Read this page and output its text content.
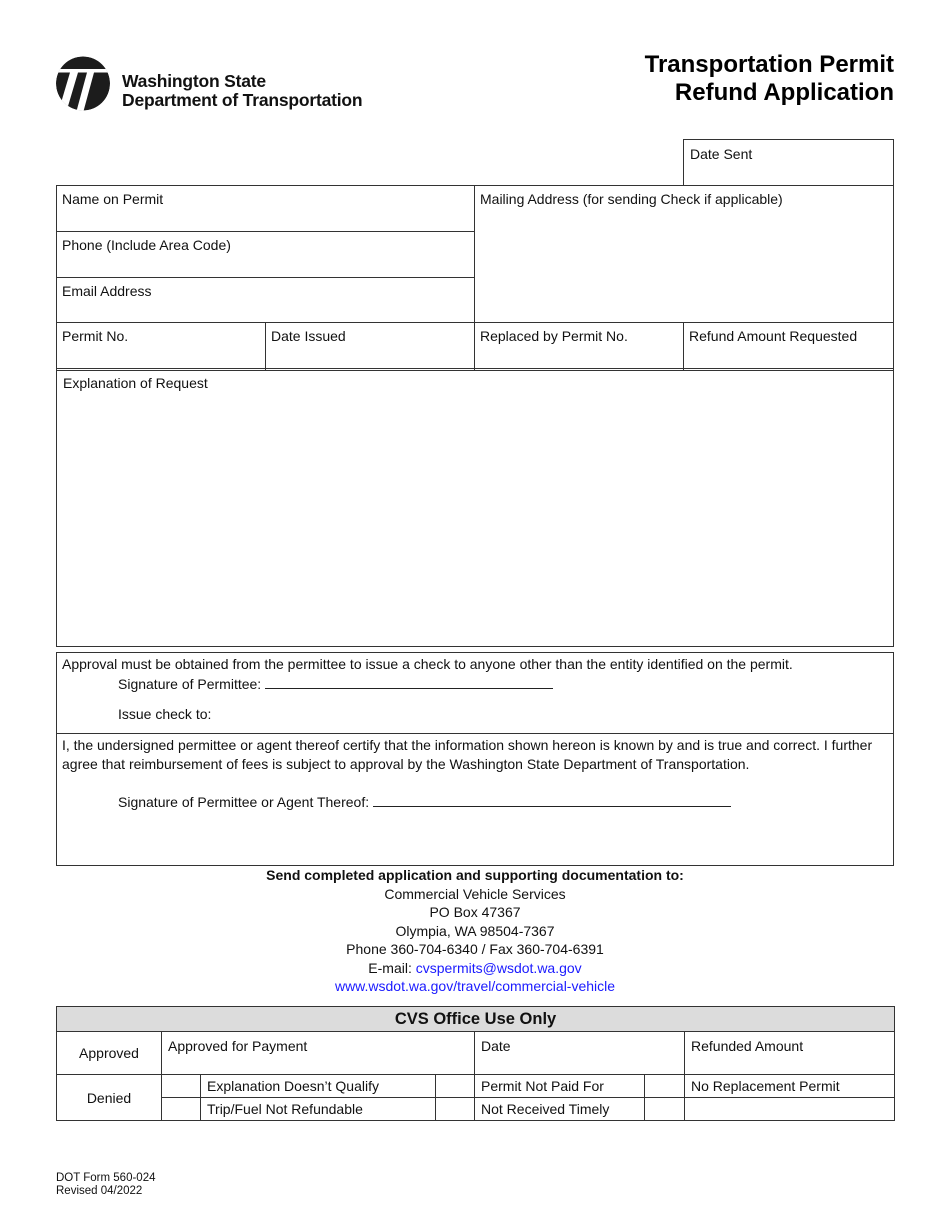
Washington State
Department of Transportation
Transportation Permit
Refund Application
Date Sent
Name on Permit
Phone (Include Area Code)
Email Address
Mailing Address (for sending Check if applicable)
Permit No.	Date Issued	Replaced by Permit No.	Refund Amount Requested
Explanation of Request
Approval must be obtained from the permittee to issue a check to anyone other than the entity identified on the permit.
Signature of Permittee:
Issue check to:
I, the undersigned permittee or agent thereof certify that the information shown hereon is known by and is true and correct. I further agree that reimbursement of fees is subject to approval by the Washington State Department of Transportation.
Signature of Permittee or Agent Thereof:
Send completed application and supporting documentation to:
Commercial Vehicle Services
PO Box 47367
Olympia, WA 98504-7367
Phone 360-704-6340 / Fax 360-704-6391
E-mail: cvspermits@wsdot.wa.gov
www.wsdot.wa.gov/travel/commercial-vehicle
CVS Office Use Only						
Approved	Approved for Payment			Date		Refunded Amount
Denied		Explanation Doesn’t Qualify		Permit Not Paid For		No Replacement Permit
		Trip/Fuel Not Refundable		Not Received Timely		
DOT Form 560-024
Revised 04/2022
